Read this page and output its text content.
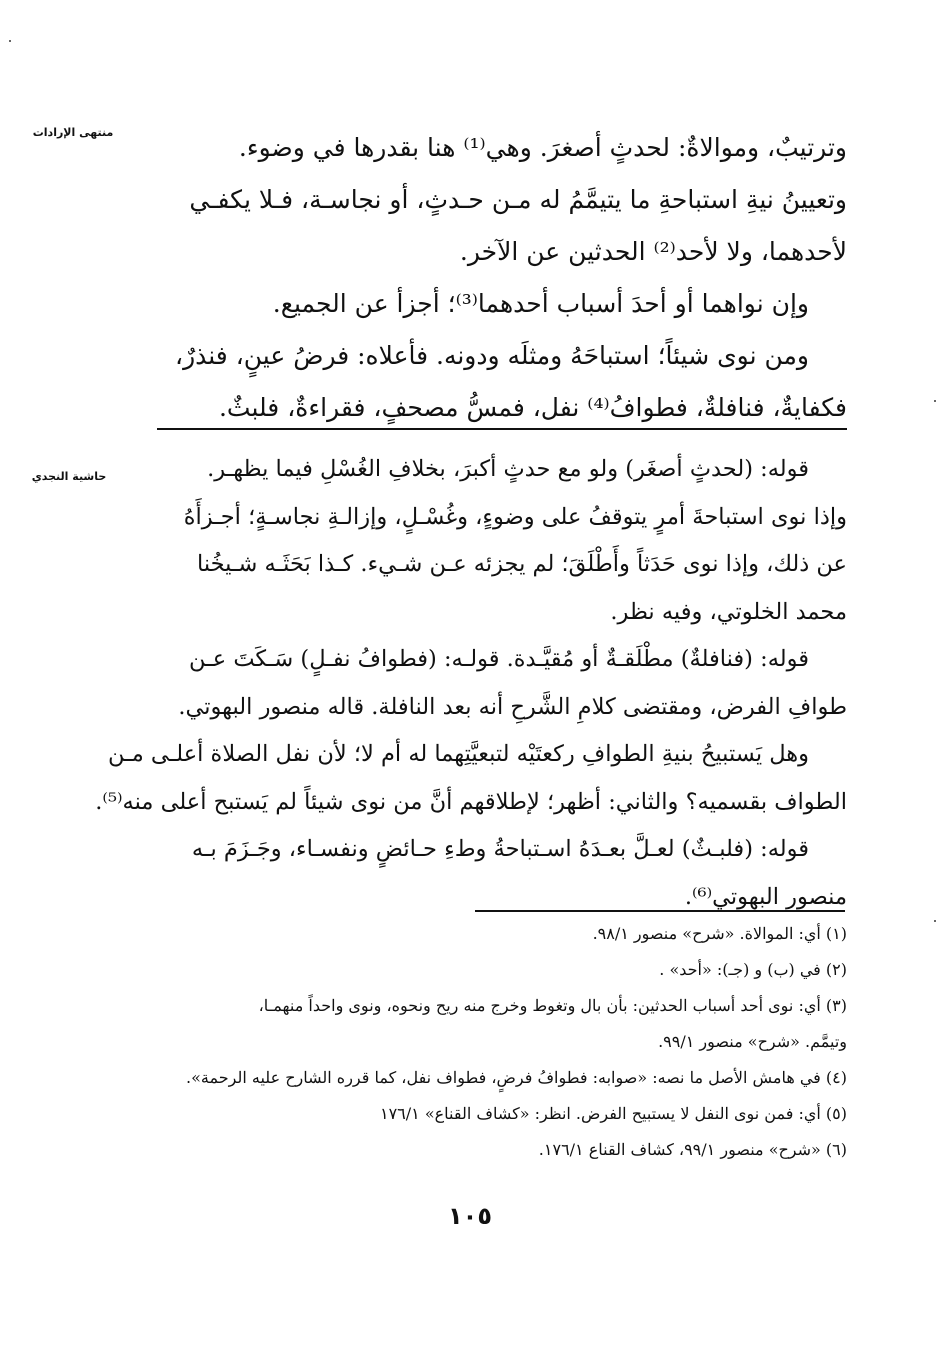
منتهى الإرادات
حاشية النجدي
وترتيبٌ، وموالاةٌ: لحدثٍ أصغرَ. وهي⁽¹⁾ هنا بقدرها في وضوء.
وتعيينُ نيةِ استباحةِ ما يتيمَّمُ له مـن حـدثٍ، أو نجاسـة، فـلا يكفـي
لأحدهما، ولا لأحد⁽²⁾ الحدثين عن الآخر.
وإن نواهما أو أحدَ أسباب أحدهما⁽³⁾؛ أجزأ عن الجميع.
ومن نوى شيئاً؛ استباحَهُ ومثلَه ودونه. فأعلاه: فرضُ عينٍ، فنذرٌ،
فكفايةٌ، فنافلةٌ، فطوافُ⁽⁴⁾ نفل، فمسُّ مصحفٍ، فقراءةٌ، فلبثٌ.
قوله: (لحدثٍ أصغَر) ولو مع حدثٍ أكبرَ، بخلافِ الغُسْلِ فيما يظهـر.
وإذا نوى استباحةَ أمرٍ يتوقفُ على وضوءٍ، وغُسْـلٍ، وإزالـةِ نجاسـةٍ؛ أجـزأَهُ
عن ذلك، وإذا نوى حَدَثاً وأَطْلَقَ؛ لم يجزئه عـن شـيء. كـذا بَحَثَـه شـيخُنا
محمد الخلوتي، وفيه نظر.
قوله: (فنافلةٌ) مطْلَقـةٌ أو مُقيَّـدة. قولـه: (فطوافُ نفـلٍ) سَـكَتَ عـن
طوافِ الفرض، ومقتضى كلامِ الشَّرحِ أنه بعد النافلة. قاله منصور البهوتي.
وهل يَستبيحُ بنيةِ الطوافِ ركعتَيْه لتبعيَّتِهما له أم لا؛ لأن نفل الصلاة أعلـى مـن
الطواف بقسميه؟ والثاني: أظهر؛ لإطلاقهم أنَّ من نوى شيئاً لم يَستبح أعلى منه⁽⁵⁾.
قوله: (فلبـثٌ) لعـلَّ بعـدَهُ اسـتباحةُ وطءِ حـائضٍ ونفسـاء، وجَـزَمَ بـه
منصور البهوتي⁽⁶⁾.
(١) أي: الموالاة. «شرح» منصور ٩٨/١.
(٢) في (ب) و (جـ): «أحد» .
(٣) أي: نوى أحد أسباب الحدثين: بأن بال وتغوط وخرج منه ريح ونحوه، ونوى واحداً منهمـا،
وتيمَّم. «شرح» منصور ٩٩/١.
(٤) في هامش الأصل ما نصه: «صوابه: فطوافُ فرضٍ، فطواف نفل، كما قرره الشارح عليه الرحمة».
(٥) أي: فمن نوى النفل لا يستبيح الفرض. انظر: «كشاف القناع» ١٧٦/١
(٦) «شرح» منصور ٩٩/١، كشاف القناع ١٧٦/١.
١٠٥
